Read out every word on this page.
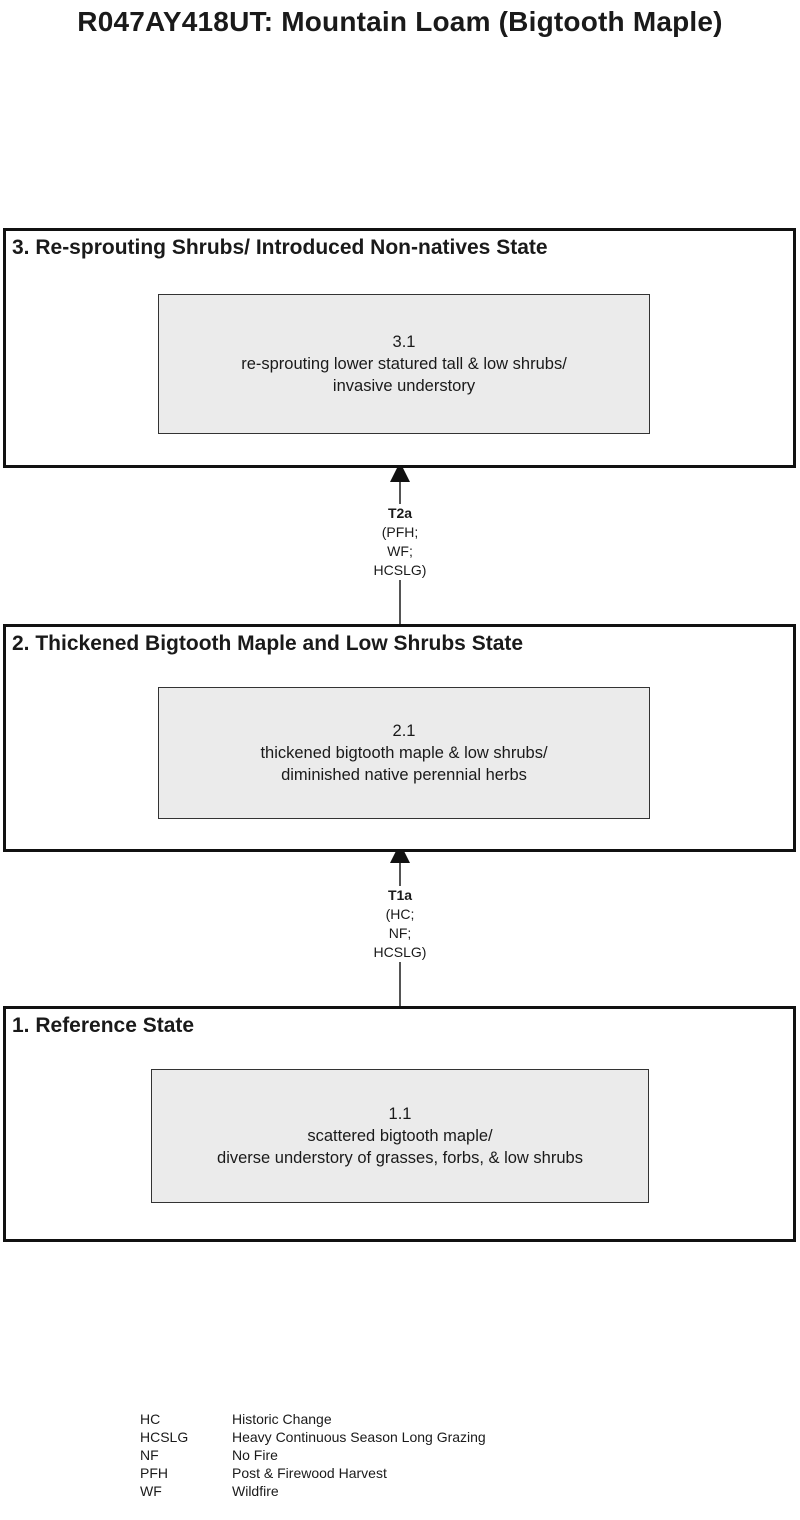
R047AY418UT: Mountain Loam (Bigtooth Maple)
3. Re-sprouting Shrubs/ Introduced Non-natives State
3.1
re-sprouting lower statured tall & low shrubs/
invasive understory
T2a
(PFH;
WF;
HCSLG)
2. Thickened Bigtooth Maple and Low Shrubs State
2.1
thickened bigtooth maple & low shrubs/
diminished native perennial herbs
T1a
(HC;
NF;
HCSLG)
1. Reference State
1.1
scattered bigtooth maple/
diverse understory of grasses, forbs, & low shrubs
HC	Historic Change
HCSLG	Heavy Continuous Season Long Grazing
NF	No Fire
PFH	Post & Firewood Harvest
WF	Wildfire
